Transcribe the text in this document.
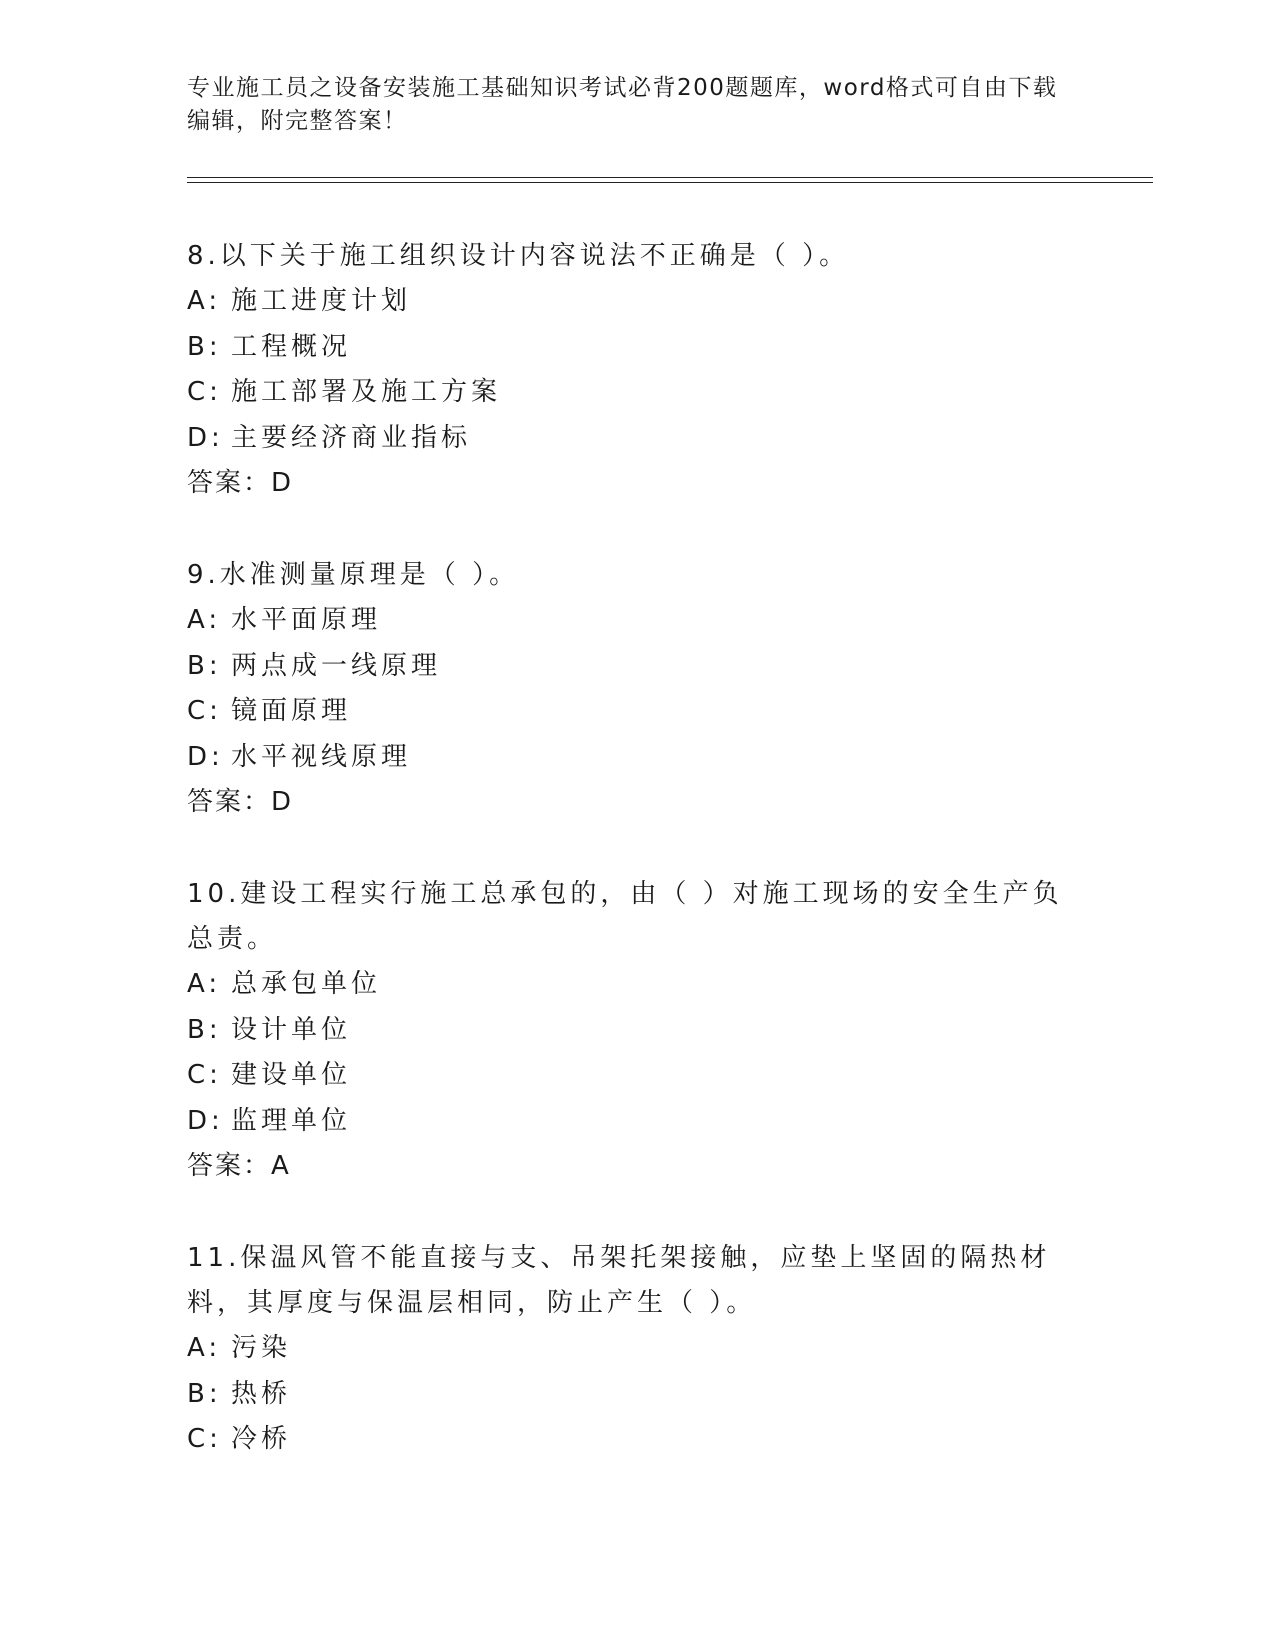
专业施工员之设备安装施工基础知识考试必背200题题库，word格式可自由下载编辑，附完整答案！

8.以下关于施工组织设计内容说法不正确是（ ）。

A: 施工进度计划

B: 工程概况

C: 施工部署及施工方案

D: 主要经济商业指标

答案：D

9.水准测量原理是（ ）。

A: 水平面原理

B: 两点成一线原理

C: 镜面原理

D: 水平视线原理

答案：D

10.建设工程实行施工总承包的，由（ ）对施工现场的安全生产负总责。

A: 总承包单位

B: 设计单位

C: 建设单位

D: 监理单位

答案：A

11.保温风管不能直接与支、吊架托架接触，应垫上坚固的隔热材料，其厚度与保温层相同，防止产生（ ）。

A: 污染

B: 热桥

C: 冷桥
